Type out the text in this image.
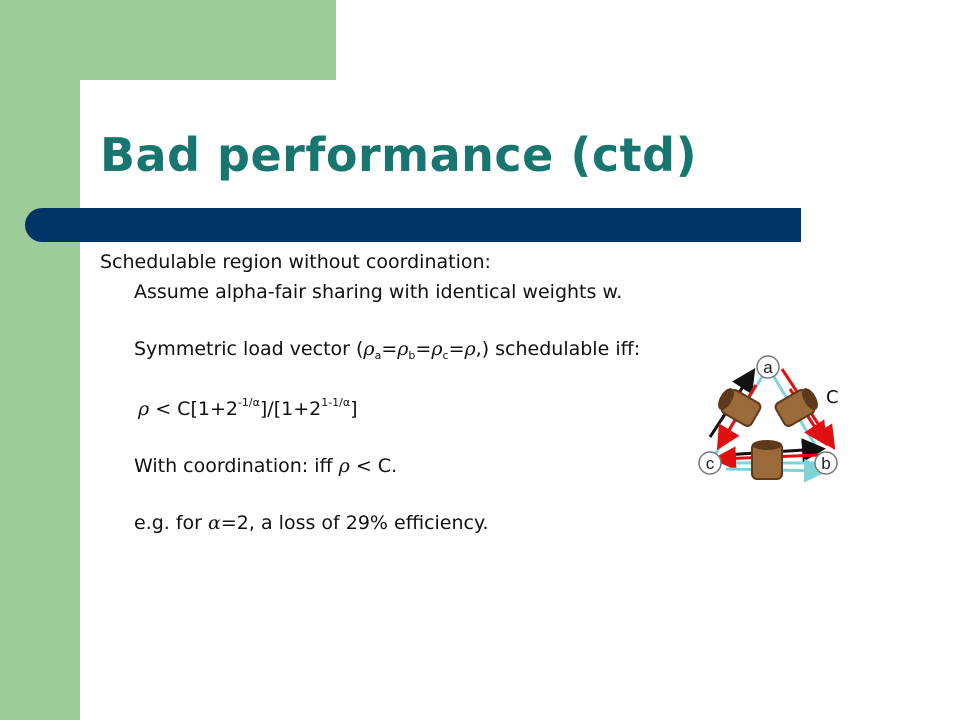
Bad performance (ctd)
Schedulable region without coordination:
Assume alpha-fair sharing with identical weights w.
Symmetric load vector $(\rho_a=\rho_b=\rho_c=\rho,)$ schedulable iff:
$\rho < C[1+2^{-1/\alpha}]/[1+2^{1-1/\alpha}]$
With coordination: iff ρ < C.
e.g. for α=2, a loss of 29% efficiency.
a
b
c
C
